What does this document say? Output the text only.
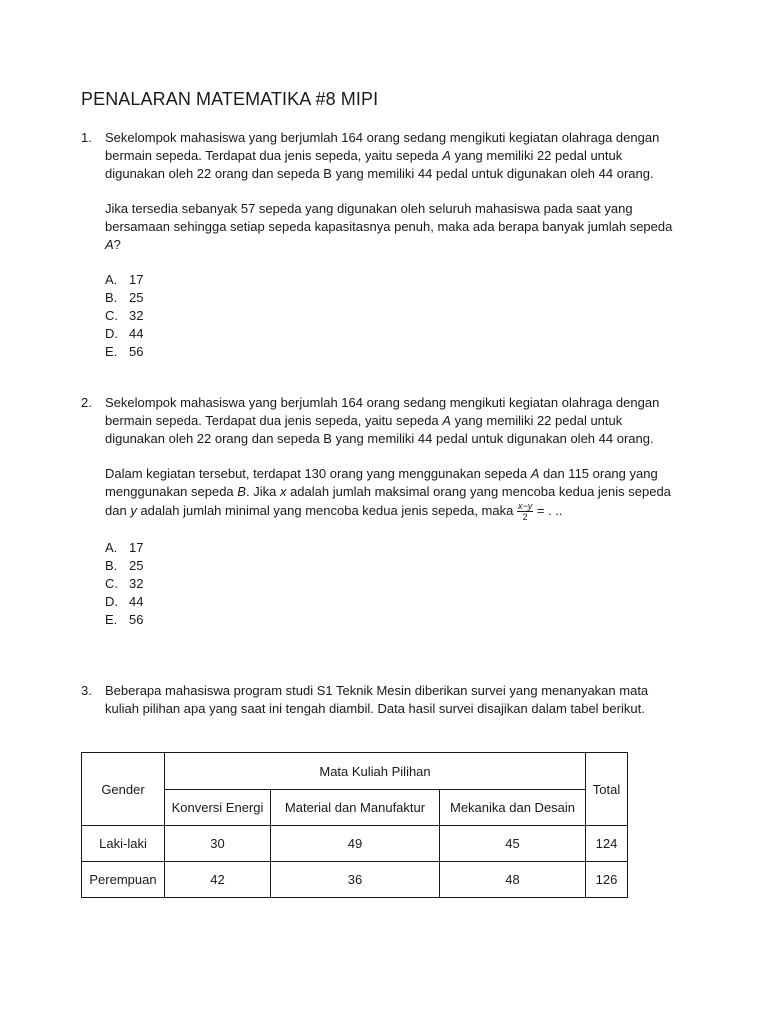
PENALARAN MATEMATIKA #8 MIPI
1.	Sekelompok mahasiswa yang berjumlah 164 orang sedang mengikuti kegiatan olahraga dengan bermain sepeda. Terdapat dua jenis sepeda, yaitu sepeda A yang memiliki 22 pedal untuk digunakan oleh 22 orang dan sepeda B yang memiliki 44 pedal untuk digunakan oleh 44 orang.

Jika tersedia sebanyak 57 sepeda yang digunakan oleh seluruh mahasiswa pada saat yang bersamaan sehingga setiap sepeda kapasitasnya penuh, maka ada berapa banyak jumlah sepeda A?

A. 17
B. 25
C. 32
D. 44
E. 56
2.	Sekelompok mahasiswa yang berjumlah 164 orang sedang mengikuti kegiatan olahraga dengan bermain sepeda. Terdapat dua jenis sepeda, yaitu sepeda A yang memiliki 22 pedal untuk digunakan oleh 22 orang dan sepeda B yang memiliki 44 pedal untuk digunakan oleh 44 orang.

Dalam kegiatan tersebut, terdapat 130 orang yang menggunakan sepeda A dan 115 orang yang menggunakan sepeda B. Jika x adalah jumlah maksimal orang yang mencoba kedua jenis sepeda dan y adalah jumlah minimal yang mencoba kedua jenis sepeda, maka $\frac{x-y}{2}$ = . ..

A. 17
B. 25
C. 32
D. 44
E. 56
3.	Beberapa mahasiswa program studi S1 Teknik Mesin diberikan survei yang menanyakan mata kuliah pilihan apa yang saat ini tengah diambil. Data hasil survei disajikan dalam tabel berikut.

Gender	Mata Kuliah Pilihan			Total
	Konversi Energi	Material dan Manufaktur	Mekanika dan Desain	
Laki-laki	30	49	45	124
Perempuan	42	36	48	126
